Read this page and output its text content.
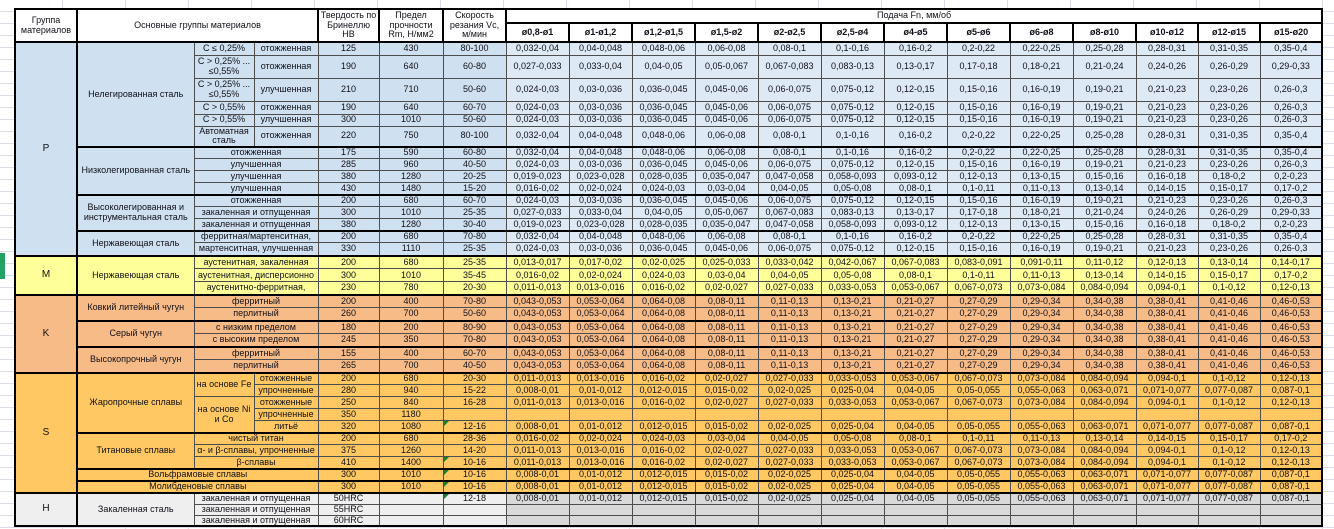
Группа материалов	Основные группы материалов			Твердость по Бринеллю HB	Предел прочности Rm, Н/мм2	Скорость резания Vc, м/мин	Подача Fn, мм/об												
							ø0,8-ø1	ø1-ø1,2	ø1,2-ø1,5	ø1,5-ø2	ø2-ø2,5	ø2,5-ø4	ø4-ø5	ø5-ø6	ø6-ø8	ø8-ø10	ø10-ø12	ø12-ø15	ø15-ø20
P	Нелегированная сталь	C ≤ 0,25%	отожженная	125	430	80-100	0,032-0,04	0,04-0,048	0,048-0,06	0,06-0,08	0,08-0,1	0,1-0,16	0,16-0,2	0,2-0,22	0,22-0,25	0,25-0,28	0,28-0,31	0,31-0,35	0,35-0,4
		C > 0,25% ... ≤0,55%	отожженная	190	640	60-80	0,027-0,033	0,033-0,04	0,04-0,05	0,05-0,067	0,067-0,083	0,083-0,13	0,13-0,17	0,17-0,18	0,18-0,21	0,21-0,24	0,24-0,26	0,26-0,29	0,29-0,33
		C > 0,25% ... ≤0,55%	улучшенная	210	710	50-60	0,024-0,03	0,03-0,036	0,036-0,045	0,045-0,06	0,06-0,075	0,075-0,12	0,12-0,15	0,15-0,16	0,16-0,19	0,19-0,21	0,21-0,23	0,23-0,26	0,26-0,3
		C > 0,55%	отожженная	190	640	60-70	0,024-0,03	0,03-0,036	0,036-0,045	0,045-0,06	0,06-0,075	0,075-0,12	0,12-0,15	0,15-0,16	0,16-0,19	0,19-0,21	0,21-0,23	0,23-0,26	0,26-0,3
		C > 0,55%	улучшенная	300	1010	50-60	0,024-0,03	0,03-0,036	0,036-0,045	0,045-0,06	0,06-0,075	0,075-0,12	0,12-0,15	0,15-0,16	0,16-0,19	0,19-0,21	0,21-0,23	0,23-0,26	0,26-0,3
		Автоматная сталь	отожженная	220	750	80-100	0,032-0,04	0,04-0,048	0,048-0,06	0,06-0,08	0,08-0,1	0,1-0,16	0,16-0,2	0,2-0,22	0,22-0,25	0,25-0,28	0,28-0,31	0,31-0,35	0,35-0,4
	Низколегированная сталь	отожженная		175	590	60-80	0,032-0,04	0,04-0,048	0,048-0,06	0,06-0,08	0,08-0,1	0,1-0,16	0,16-0,2	0,2-0,22	0,22-0,25	0,25-0,28	0,28-0,31	0,31-0,35	0,35-0,4
		улучшенная		285	960	40-50	0,024-0,03	0,03-0,036	0,036-0,045	0,045-0,06	0,06-0,075	0,075-0,12	0,12-0,15	0,15-0,16	0,16-0,19	0,19-0,21	0,21-0,23	0,23-0,26	0,26-0,3
		улучшенная		380	1280	20-25	0,019-0,023	0,023-0,028	0,028-0,035	0,035-0,047	0,047-0,058	0,058-0,093	0,093-0,12	0,12-0,13	0,13-0,15	0,15-0,16	0,16-0,18	0,18-0,2	0,2-0,23
		улучшенная		430	1480	15-20	0,016-0,02	0,02-0,024	0,024-0,03	0,03-0,04	0,04-0,05	0,05-0,08	0,08-0,1	0,1-0,11	0,11-0,13	0,13-0,14	0,14-0,15	0,15-0,17	0,17-0,2
	Высоколегированная и инструментальная сталь	отожженная		200	680	60-70	0,024-0,03	0,03-0,036	0,036-0,045	0,045-0,06	0,06-0,075	0,075-0,12	0,12-0,15	0,15-0,16	0,16-0,19	0,19-0,21	0,21-0,23	0,23-0,26	0,26-0,3
		закаленная и отпущенная		300	1010	25-35	0,027-0,033	0,033-0,04	0,04-0,05	0,05-0,067	0,067-0,083	0,083-0,13	0,13-0,17	0,17-0,18	0,18-0,21	0,21-0,24	0,24-0,26	0,26-0,29	0,29-0,33
		закаленная и отпущенная		380	1280	30-40	0,019-0,023	0,023-0,028	0,028-0,035	0,035-0,047	0,047-0,058	0,058-0,093	0,093-0,12	0,12-0,13	0,13-0,15	0,15-0,16	0,16-0,18	0,18-0,2	0,2-0,23
	Нержавеющая сталь	ферритная/мартенситная,		200	680	70-80	0,032-0,04	0,04-0,048	0,048-0,06	0,06-0,08	0,08-0,1	0,1-0,16	0,16-0,2	0,2-0,22	0,22-0,25	0,25-0,28	0,28-0,31	0,31-0,35	0,35-0,4
		мартенситная, улучшенная		330	1110	25-35	0,024-0,03	0,03-0,036	0,036-0,045	0,045-0,06	0,06-0,075	0,075-0,12	0,12-0,15	0,15-0,16	0,16-0,19	0,19-0,21	0,21-0,23	0,23-0,26	0,26-0,3
M	Нержавеющая сталь	аустенитная, закаленная		200	680	25-35	0,013-0,017	0,017-0,02	0,02-0,025	0,025-0,033	0,033-0,042	0,042-0,067	0,067-0,083	0,083-0,091	0,091-0,11	0,11-0,12	0,12-0,13	0,13-0,14	0,14-0,17
		аустенитная, дисперсионно		300	1010	35-45	0,016-0,02	0,02-0,024	0,024-0,03	0,03-0,04	0,04-0,05	0,05-0,08	0,08-0,1	0,1-0,11	0,11-0,13	0,13-0,14	0,14-0,15	0,15-0,17	0,17-0,2
		аустенитно-ферритная,		230	780	20-30	0,011-0,013	0,013-0,016	0,016-0,02	0,02-0,027	0,027-0,033	0,033-0,053	0,053-0,067	0,067-0,073	0,073-0,084	0,084-0,094	0,094-0,1	0,1-0,12	0,12-0,13
K	Ковкий литейный чугун	ферритный		200	400	70-80	0,043-0,053	0,053-0,064	0,064-0,08	0,08-0,11	0,11-0,13	0,13-0,21	0,21-0,27	0,27-0,29	0,29-0,34	0,34-0,38	0,38-0,41	0,41-0,46	0,46-0,53
		перлитный		260	700	50-60	0,043-0,053	0,053-0,064	0,064-0,08	0,08-0,11	0,11-0,13	0,13-0,21	0,21-0,27	0,27-0,29	0,29-0,34	0,34-0,38	0,38-0,41	0,41-0,46	0,46-0,53
	Серый чугун	с низким пределом		180	200	80-90	0,043-0,053	0,053-0,064	0,064-0,08	0,08-0,11	0,11-0,13	0,13-0,21	0,21-0,27	0,27-0,29	0,29-0,34	0,34-0,38	0,38-0,41	0,41-0,46	0,46-0,53
		с высоким пределом		245	350	70-80	0,043-0,053	0,053-0,064	0,064-0,08	0,08-0,11	0,11-0,13	0,13-0,21	0,21-0,27	0,27-0,29	0,29-0,34	0,34-0,38	0,38-0,41	0,41-0,46	0,46-0,53
	Высокопрочный чугун	ферритный		155	400	60-70	0,043-0,053	0,053-0,064	0,064-0,08	0,08-0,11	0,11-0,13	0,13-0,21	0,21-0,27	0,27-0,29	0,29-0,34	0,34-0,38	0,38-0,41	0,41-0,46	0,46-0,53
		перлитный		265	700	40-50	0,043-0,053	0,053-0,064	0,064-0,08	0,08-0,11	0,11-0,13	0,13-0,21	0,21-0,27	0,27-0,29	0,29-0,34	0,34-0,38	0,38-0,41	0,41-0,46	0,46-0,53
S	Жаропрочные сплавы	на основе Fe	отожженные	200	680	20-30	0,011-0,013	0,013-0,016	0,016-0,02	0,02-0,027	0,027-0,033	0,033-0,053	0,053-0,067	0,067-0,073	0,073-0,084	0,084-0,094	0,094-0,1	0,1-0,12	0,12-0,13
			упрочненные	280	940	15-22	0,008-0,01	0,01-0,012	0,012-0,015	0,015-0,02	0,02-0,025	0,025-0,04	0,04-0,05	0,05-0,055	0,055-0,063	0,063-0,071	0,071-0,077	0,077-0,087	0,087-0,1
		на основе Ni и Co	отожженные	250	840	16-28	0,011-0,013	0,013-0,016	0,016-0,02	0,02-0,027	0,027-0,033	0,033-0,053	0,053-0,067	0,067-0,073	0,073-0,084	0,084-0,094	0,094-0,1	0,1-0,12	0,12-0,13
			упрочненные	350	1180														
			литьё	320	1080	12-16	0,008-0,01	0,01-0,012	0,012-0,015	0,015-0,02	0,02-0,025	0,025-0,04	0,04-0,05	0,05-0,055	0,055-0,063	0,063-0,071	0,071-0,077	0,077-0,087	0,087-0,1
	Титановые сплавы	чистый титан		200	680	28-36	0,016-0,02	0,02-0,024	0,024-0,03	0,03-0,04	0,04-0,05	0,05-0,08	0,08-0,1	0,1-0,11	0,11-0,13	0,13-0,14	0,14-0,15	0,15-0,17	0,17-0,2
		α- и β-сплавы, упрочненные		375	1260	14-20	0,011-0,013	0,013-0,016	0,016-0,02	0,02-0,027	0,027-0,033	0,033-0,053	0,053-0,067	0,067-0,073	0,073-0,084	0,084-0,094	0,094-0,1	0,1-0,12	0,12-0,13
		β-сплавы		410	1400	10-16	0,011-0,013	0,013-0,016	0,016-0,02	0,02-0,027	0,027-0,033	0,033-0,053	0,053-0,067	0,067-0,073	0,073-0,084	0,084-0,094	0,094-0,1	0,1-0,12	0,12-0,13
	Вольфрамовые сплавы			300	1010	10-16	0,008-0,01	0,01-0,012	0,012-0,015	0,015-0,02	0,02-0,025	0,025-0,04	0,04-0,05	0,05-0,055	0,055-0,063	0,063-0,071	0,071-0,077	0,077-0,087	0,087-0,1
	Молибденовые сплавы			300	1010	10-16	0,008-0,01	0,01-0,012	0,012-0,015	0,015-0,02	0,02-0,025	0,025-0,04	0,04-0,05	0,05-0,055	0,055-0,063	0,063-0,071	0,071-0,077	0,077-0,087	0,087-0,1
H	Закаленная сталь	закаленная и отпущенная		50HRC		12-18	0,008-0,01	0,01-0,012	0,012-0,015	0,015-0,02	0,02-0,025	0,025-0,04	0,04-0,05	0,05-0,055	0,055-0,063	0,063-0,071	0,071-0,077	0,077-0,087	0,087-0,1
		закаленная и отпущенная		55HRC															
		закаленная и отпущенная		60HRC															
